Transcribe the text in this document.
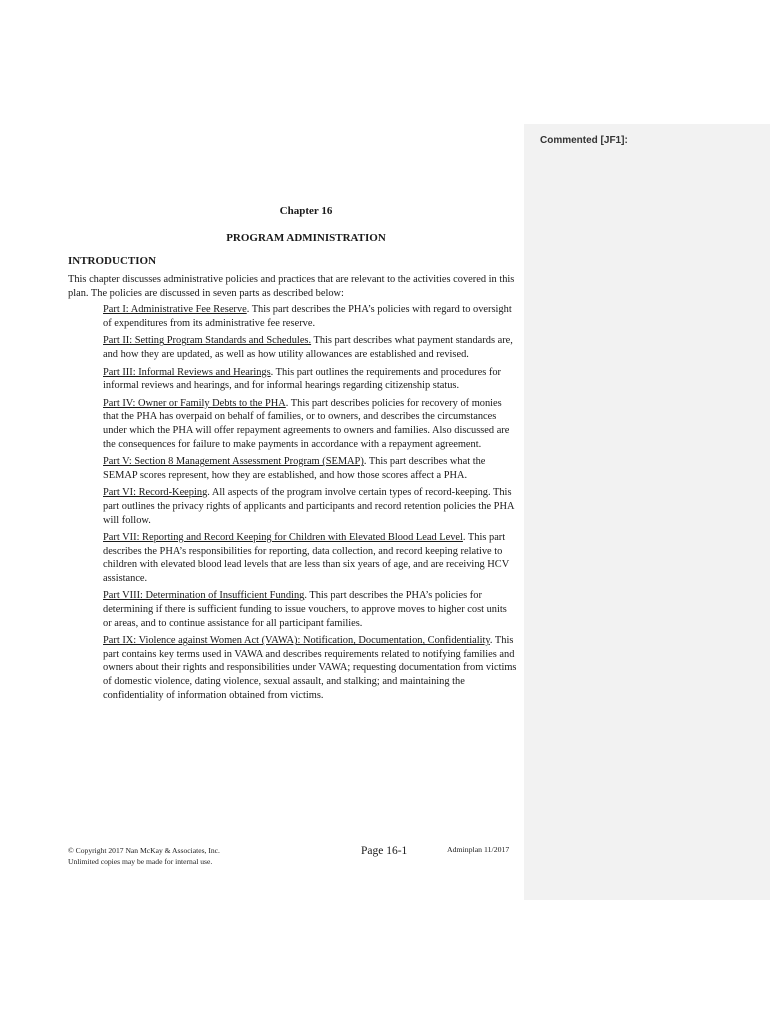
Commented [JF1]:
Chapter 16
PROGRAM ADMINISTRATION
INTRODUCTION

This chapter discusses administrative policies and practices that are relevant to the activities covered in this plan. The policies are discussed in seven parts as described below:

Part I: Administrative Fee Reserve. This part describes the PHA’s policies with regard to oversight of expenditures from its administrative fee reserve.
Part II: Setting Program Standards and Schedules. This part describes what payment standards are, and how they are updated, as well as how utility allowances are established and revised.
Part III: Informal Reviews and Hearings. This part outlines the requirements and procedures for informal reviews and hearings, and for informal hearings regarding citizenship status.
Part IV: Owner or Family Debts to the PHA. This part describes policies for recovery of monies that the PHA has overpaid on behalf of families, or to owners, and describes the circumstances under which the PHA will offer repayment agreements to owners and families. Also discussed are the consequences for failure to make payments in accordance with a repayment agreement.
Part V: Section 8 Management Assessment Program (SEMAP). This part describes what the SEMAP scores represent, how they are established, and how those scores affect a PHA.
Part VI: Record-Keeping. All aspects of the program involve certain types of record-keeping. This part outlines the privacy rights of applicants and participants and record retention policies the PHA will follow.
Part VII: Reporting and Record Keeping for Children with Elevated Blood Lead Level. This part describes the PHA’s responsibilities for reporting, data collection, and record keeping relative to children with elevated blood lead levels that are less than six years of age, and are receiving HCV assistance.
Part VIII: Determination of Insufficient Funding. This part describes the PHA’s policies for determining if there is sufficient funding to issue vouchers, to approve moves to higher cost units or areas, and to continue assistance for all participant families.
Part IX: Violence against Women Act (VAWA): Notification, Documentation, Confidentiality. This part contains key terms used in VAWA and describes requirements related to notifying families and owners about their rights and responsibilities under VAWA; requesting documentation from victims of domestic violence, dating violence, sexual assault, and stalking; and maintaining the confidentiality of information obtained from victims.
© Copyright 2017 Nan McKay & Associates, Inc.
Unlimited copies may be made for internal use.
Page 16-1	Adminplan 11/2017
